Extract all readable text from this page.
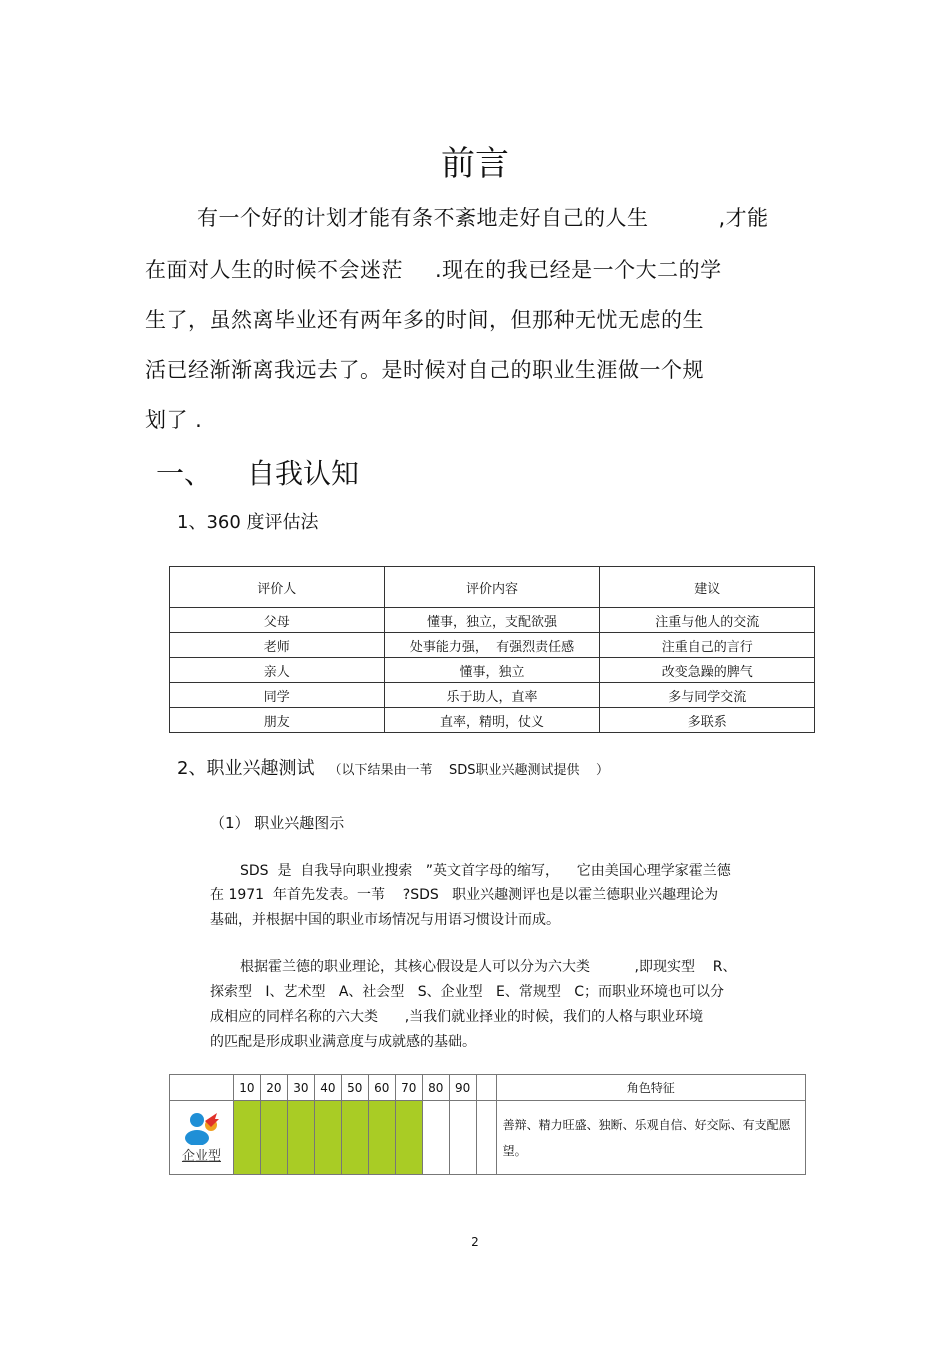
前言
有一个好的计划才能有条不紊地走好自己的人生	,才能
在面对人生的时候不会迷茫 .现在的我已经是一个大二的学
生了，虽然离毕业还有两年多的时间，但那种无忧无虑的生
活已经渐渐离我远去了。是时候对自己的职业生涯做一个规
划了 .
一、 自我认知
1、360 度评估法
评价人	评价内容	建议
父母	懂事，独立，支配欲强	注重与他人的交流
老师	处事能力强，  有强烈责任感	注重自己的言行
亲人	懂事，独立	改变急躁的脾气
同学	乐于助人，直率	多与同学交流
朋友	直率，精明，仗义	多联系
2、职业兴趣测试 （以下结果由一苇    SDS职业兴趣测试提供    ）
（1） 职业兴趣图示
SDS  是  自我导向职业搜索   ”英文首字母的缩写，    它由美国心理学家霍兰德
在 1971  年首先发表。一苇    ?SDS   职业兴趣测评也是以霍兰德职业兴趣理论为
基础，并根据中国的职业市场情况与用语习惯设计而成。
根据霍兰德的职业理论，其核心假设是人可以分为六大类          ,即现实型    R、
探索型   I、艺术型   A、社会型   S、企业型   E、常规型   C；而职业环境也可以分
成相应的同样名称的六大类      ,当我们就业择业的时候，我们的人格与职业环境
的匹配是形成职业满意度与成就感的基础。
	10	20	30	40	50	60	70	80	90		角色特征

企业型											善辩、精力旺盛、独断、乐观自信、好交际、有支配愿望。
2
